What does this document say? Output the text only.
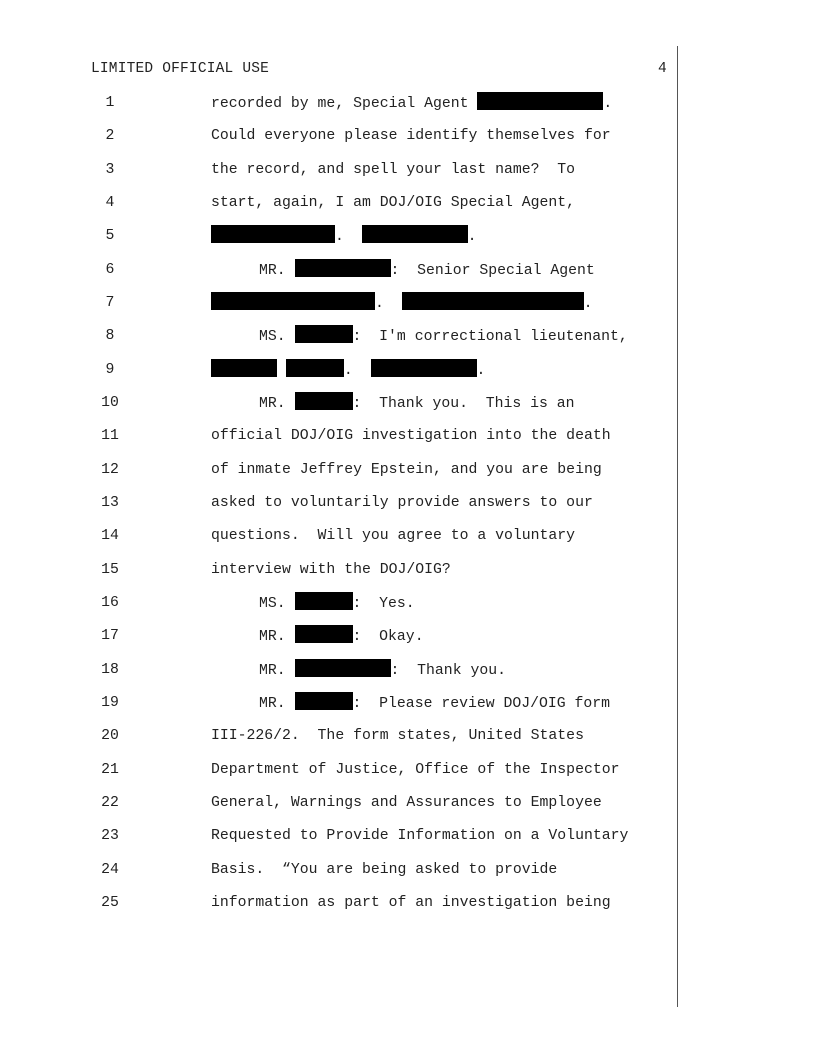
LIMITED OFFICIAL USE	4
1	recorded by me, Special Agent	.
2	Could everyone please identify themselves for
3	the record, and spell your last name?  To
4	start, again, I am DOJ/OIG Special Agent,
5	.	.
6	MR.	:  Senior Special Agent
7	.	.
8	MS.	:  I'm correctional lieutenant,
9	.	.
10	MR.	:  Thank you.  This is an
11	official DOJ/OIG investigation into the death
12	of inmate Jeffrey Epstein, and you are being
13	asked to voluntarily provide answers to our
14	questions.  Will you agree to a voluntary
15	interview with the DOJ/OIG?
16	MS.	:  Yes.
17	MR.	:  Okay.
18	MR.	:  Thank you.
19	MR.	:  Please review DOJ/OIG form
20	III-226/2.  The form states, United States
21	Department of Justice, Office of the Inspector
22	General, Warnings and Assurances to Employee
23	Requested to Provide Information on a Voluntary
24	Basis.  “You are being asked to provide
25	information as part of an investigation being
